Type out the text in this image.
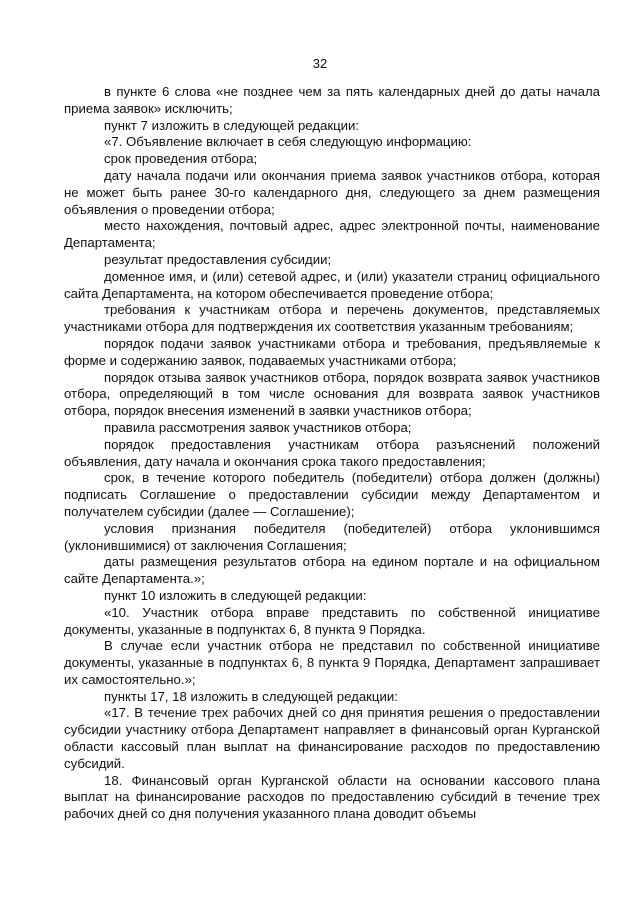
32

в пункте 6 слова «не позднее чем за пять календарных дней до даты начала приема заявок» исключить;

пункт 7 изложить в следующей редакции:

«7. Объявление включает в себя следующую информацию:

срок проведения отбора;

дату начала подачи или окончания приема заявок участников отбора, которая не может быть ранее 30-го календарного дня, следующего за днем размещения объявления о проведении отбора;

место нахождения, почтовый адрес, адрес электронной почты, наименование Департамента;

результат предоставления субсидии;

доменное имя, и (или) сетевой адрес, и (или) указатели страниц официального сайта Департамента, на котором обеспечивается проведение отбора;

требования к участникам отбора и перечень документов, представляемых участниками отбора для подтверждения их соответствия указанным требованиям;

порядок подачи заявок участниками отбора и требования, предъявляемые к форме и содержанию заявок, подаваемых участниками отбора;

порядок отзыва заявок участников отбора, порядок возврата заявок участников отбора, определяющий в том числе основания для возврата заявок участников отбора, порядок внесения изменений в заявки участников отбора;

правила рассмотрения заявок участников отбора;

порядок предоставления участникам отбора разъяснений положений объявления, дату начала и окончания срока такого предоставления;

срок, в течение которого победитель (победители) отбора должен (должны) подписать Соглашение о предоставлении субсидии между Департаментом и получателем субсидии (далее — Соглашение);

условия признания победителя (победителей) отбора уклонившимся (уклонившимися) от заключения Соглашения;

даты размещения результатов отбора на едином портале и на официальном сайте Департамента.»;

пункт 10 изложить в следующей редакции:

«10. Участник отбора вправе представить по собственной инициативе документы, указанные в подпунктах 6, 8 пункта 9 Порядка.

В случае если участник отбора не представил по собственной инициативе документы, указанные в подпунктах 6, 8 пункта 9 Порядка, Департамент запрашивает их самостоятельно.»;

пункты 17, 18 изложить в следующей редакции:

«17. В течение трех рабочих дней со дня принятия решения о предоставлении субсидии участнику отбора Департамент направляет в финансовый орган Курганской области кассовый план выплат на финансирование расходов по предоставлению субсидий.

18. Финансовый орган Курганской области на основании кассового плана выплат на финансирование расходов по предоставлению субсидий в течение трех рабочих дней со дня получения указанного плана доводит объемы
